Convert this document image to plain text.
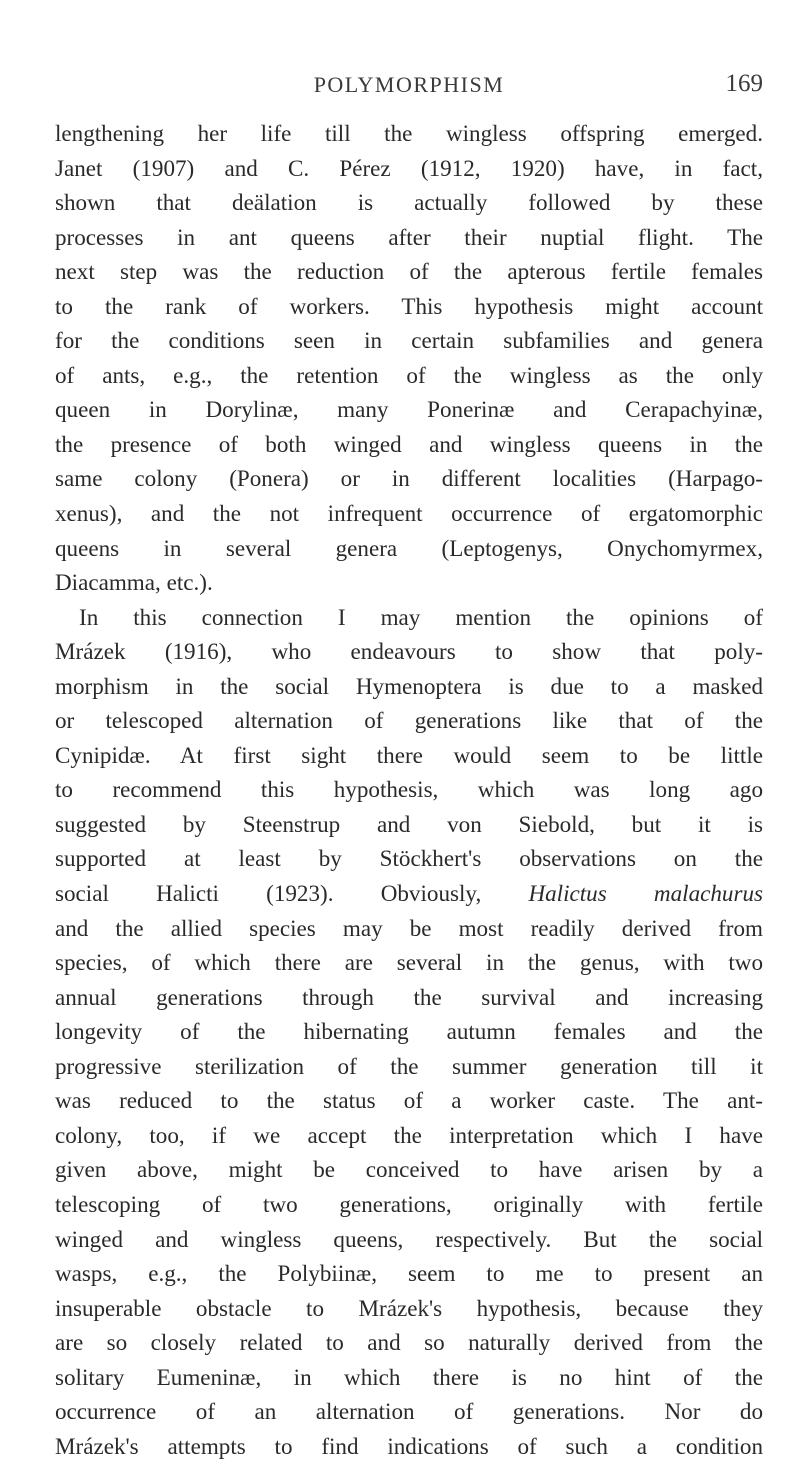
POLYMORPHISM	169
lengthening her life till the wingless offspring emerged.
Janet (1907) and C. Pérez (1912, 1920) have, in fact,
shown that deälation is actually followed by these
processes in ant queens after their nuptial flight. The
next step was the reduction of the apterous fertile females
to the rank of workers. This hypothesis might account
for the conditions seen in certain subfamilies and genera
of ants, e.g., the retention of the wingless as the only
queen in Dorylinæ, many Ponerinæ and Cerapachyinæ,
the presence of both winged and wingless queens in the
same colony (Ponera) or in different localities (Harpago-
xenus), and the not infrequent occurrence of ergatomorphic
queens in several genera (Leptogenys, Onychomyrmex,
Diacamma, etc.).
In this connection I may mention the opinions of
Mrázek (1916), who endeavours to show that poly-
morphism in the social Hymenoptera is due to a masked
or telescoped alternation of generations like that of the
Cynipidæ. At first sight there would seem to be little
to recommend this hypothesis, which was long ago
suggested by Steenstrup and von Siebold, but it is
supported at least by Stöckhert's observations on the
social Halicti (1923). Obviously, Halictus malachurus
and the allied species may be most readily derived from
species, of which there are several in the genus, with two
annual generations through the survival and increasing
longevity of the hibernating autumn females and the
progressive sterilization of the summer generation till it
was reduced to the status of a worker caste. The ant-
colony, too, if we accept the interpretation which I have
given above, might be conceived to have arisen by a
telescoping of two generations, originally with fertile
winged and wingless queens, respectively. But the social
wasps, e.g., the Polybiinæ, seem to me to present an
insuperable obstacle to Mrázek's hypothesis, because they
are so closely related to and so naturally derived from the
solitary Eumeninæ, in which there is no hint of the
occurrence of an alternation of generations. Nor do
Mrázek's attempts to find indications of such a condition
